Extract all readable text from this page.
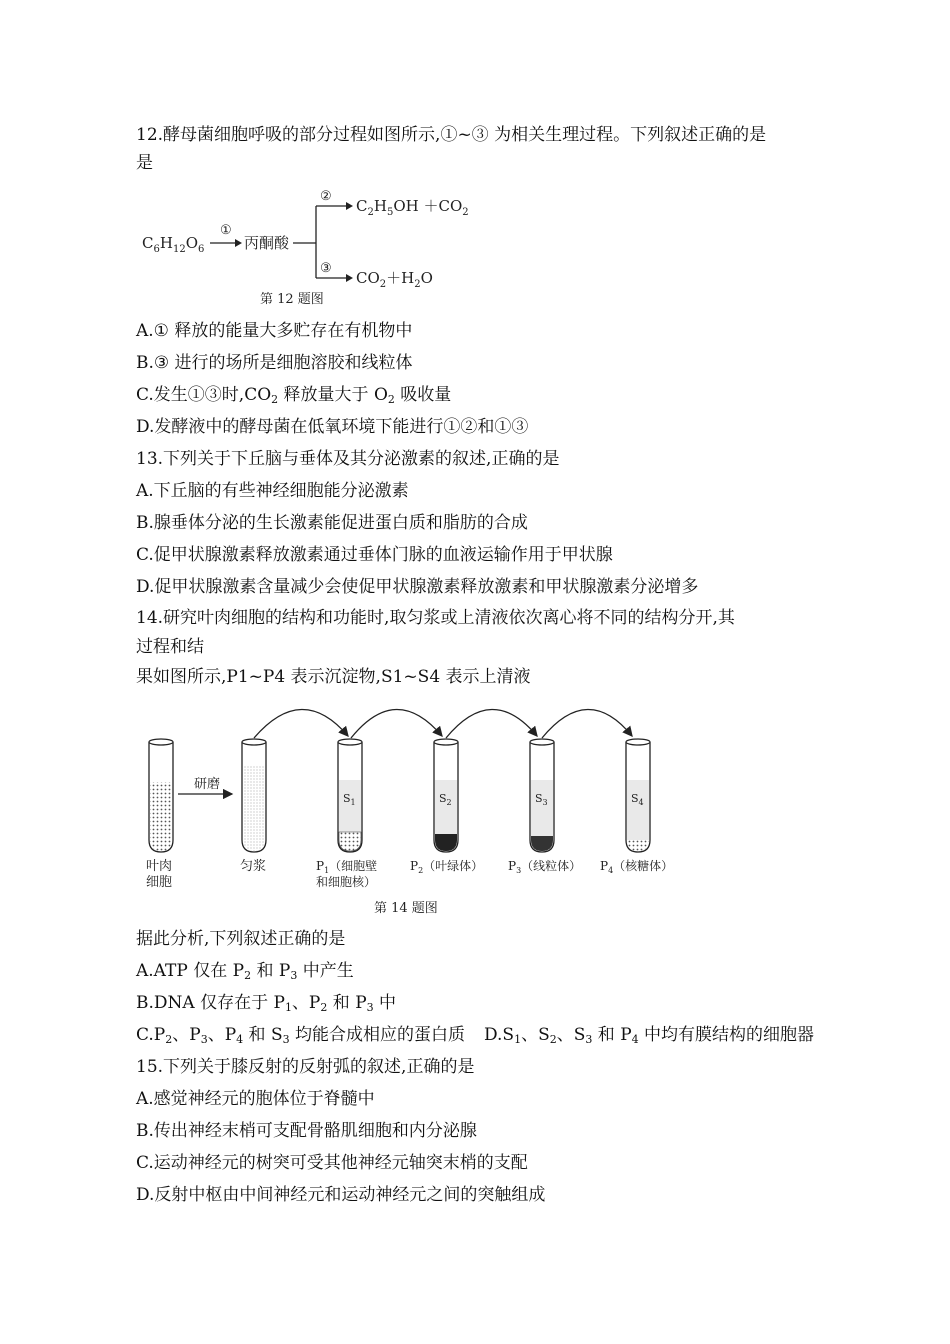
12.酵母菌细胞呼吸的部分过程如图所示,①~③ 为相关生理过程。下列叙述正确的是
是
$C_6H_{12}O_6$
①
丙酮酸
②
③
$C_2H_5OH +CO_2$
$CO_2+H_2O$
第 12 题图
A.① 释放的能量大多贮存在有机物中
B.③ 进行的场所是细胞溶胶和线粒体
C.发生①③时$,CO_2$ 释放量大于 $O_2$ 吸收量
D.发酵液中的酵母菌在低氧环境下能进行①②和①③
13.下列关于下丘脑与垂体及其分泌激素的叙述,正确的是
A.下丘脑的有些神经细胞能分泌激素
B.腺垂体分泌的生长激素能促进蛋白质和脂肪的合成
C.促甲状腺激素释放激素通过垂体门脉的血液运输作用于甲状腺
D.促甲状腺激素含量减少会使促甲状腺激素释放激素和甲状腺激素分泌增多
14.研究叶肉细胞的结构和功能时,取匀浆或上清液依次离心将不同的结构分开,其
过程和结
果如图所示,P1~P4 表示沉淀物,S1~S4 表示上清液
叶肉
细胞
研磨
匀浆
$S_1$	$S_2$	$S_3$	$S_4$
$P_1$（细胞壁
和细胞核）
$P_2$（叶绿体） $P_3$（线粒体） $P_4$（核糖体）
第 14 题图
据此分析,下列叙述正确的是
A.ATP 仅在 $P_2$ 和 $P_3$ 中产生
B.DNA 仅存在于 $P_1$、$P_2$ 和 $P_3$ 中
$C.P_2$、$P_3$、$P_4$ 和 $S_3$ 均能合成相应的蛋白质 $D.S_1$、$S_2$、$S_3$ 和 $P_4$ 中均有膜结构的细胞器
15.下列关于膝反射的反射弧的叙述,正确的是
A.感觉神经元的胞体位于脊髓中
B.传出神经末梢可支配骨骼肌细胞和内分泌腺
C.运动神经元的树突可受其他神经元轴突末梢的支配
D.反射中枢由中间神经元和运动神经元之间的突触组成
